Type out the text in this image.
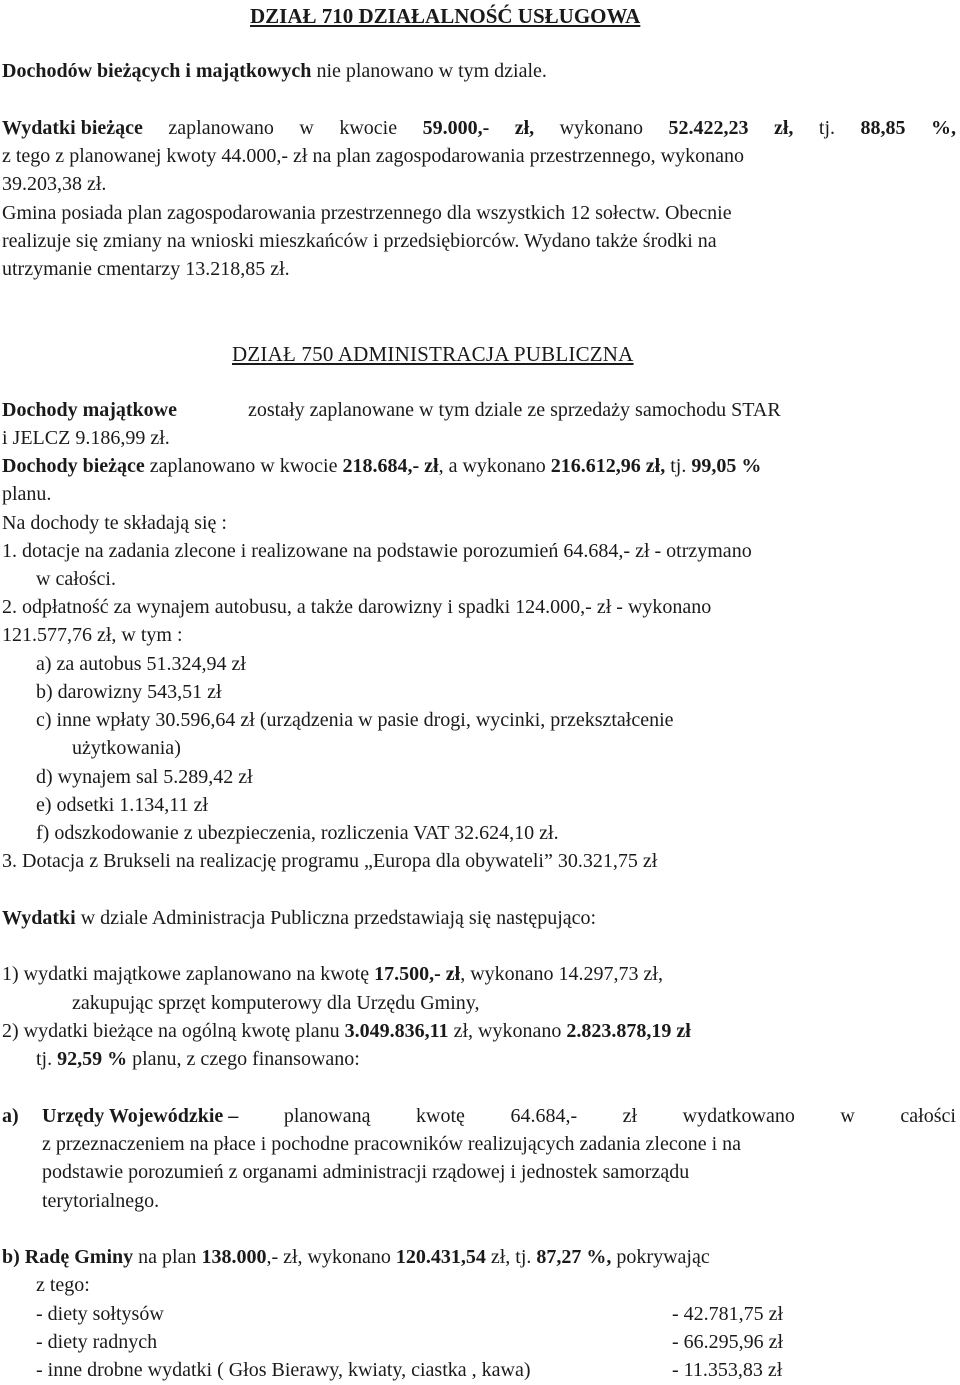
DZIAŁ 710 DZIAŁALNOŚĆ USŁUGOWA
Dochodów bieżących i majątkowych nie planowano w tym dziale.
Wydatki bieżące zaplanowano w kwocie 59.000,- zł, wykonano 52.422,23 zł, tj. 88,85 %,
z tego z planowanej kwoty 44.000,- zł na plan zagospodarowania przestrzennego, wykonano
39.203,38 zł.
Gmina posiada plan zagospodarowania przestrzennego dla wszystkich 12 sołectw. Obecnie
realizuje się zmiany na wnioski mieszkańców i przedsiębiorców. Wydano także środki na
utrzymanie cmentarzy 13.218,85 zł.
DZIAŁ 750 ADMINISTRACJA PUBLICZNA
Dochody majątkowe	zostały zaplanowane w tym dziale ze sprzedaży samochodu STAR
i JELCZ 9.186,99 zł.
Dochody bieżące zaplanowano w kwocie 218.684,- zł, a wykonano 216.612,96 zł, tj. 99,05 %
planu.
Na dochody te składają się :
1. dotacje na zadania zlecone i realizowane na podstawie porozumień 64.684,- zł - otrzymano
w całości.
2. odpłatność za wynajem autobusu, a także darowizny i spadki 124.000,- zł - wykonano
121.577,76 zł, w tym :
a) za autobus 51.324,94 zł
b) darowizny 543,51 zł
c) inne wpłaty 30.596,64 zł (urządzenia w pasie drogi, wycinki, przekształcenie
użytkowania)
d) wynajem sal 5.289,42 zł
e) odsetki 1.134,11 zł
f) odszkodowanie z ubezpieczenia, rozliczenia VAT 32.624,10 zł.
3. Dotacja z Brukseli na realizację programu „Europa dla obywateli” 30.321,75 zł
Wydatki w dziale Administracja Publiczna przedstawiają się następująco:
1) wydatki majątkowe zaplanowano na kwotę 17.500,- zł, wykonano 14.297,73 zł,
zakupując sprzęt komputerowy dla Urzędu Gminy,
2) wydatki bieżące na ogólną kwotę planu 3.049.836,11 zł, wykonano 2.823.878,19 zł
tj. 92,59 % planu, z czego finansowano:
a) Urzędy Wojewódzkie – planowaną kwotę 64.684,- zł wydatkowano w całości
z przeznaczeniem na płace i pochodne pracowników realizujących zadania zlecone i na
podstawie porozumień z organami administracji rządowej i jednostek samorządu
terytorialnego.
b) Radę Gminy na plan 138.000,- zł, wykonano 120.431,54 zł, tj. 87,27 %, pokrywając
z tego:
- diety sołtysów	- 42.781,75 zł
- diety radnych	- 66.295,96 zł
- inne drobne wydatki ( Głos Bierawy, kwiaty, ciastka , kawa)	- 11.353,83 zł
